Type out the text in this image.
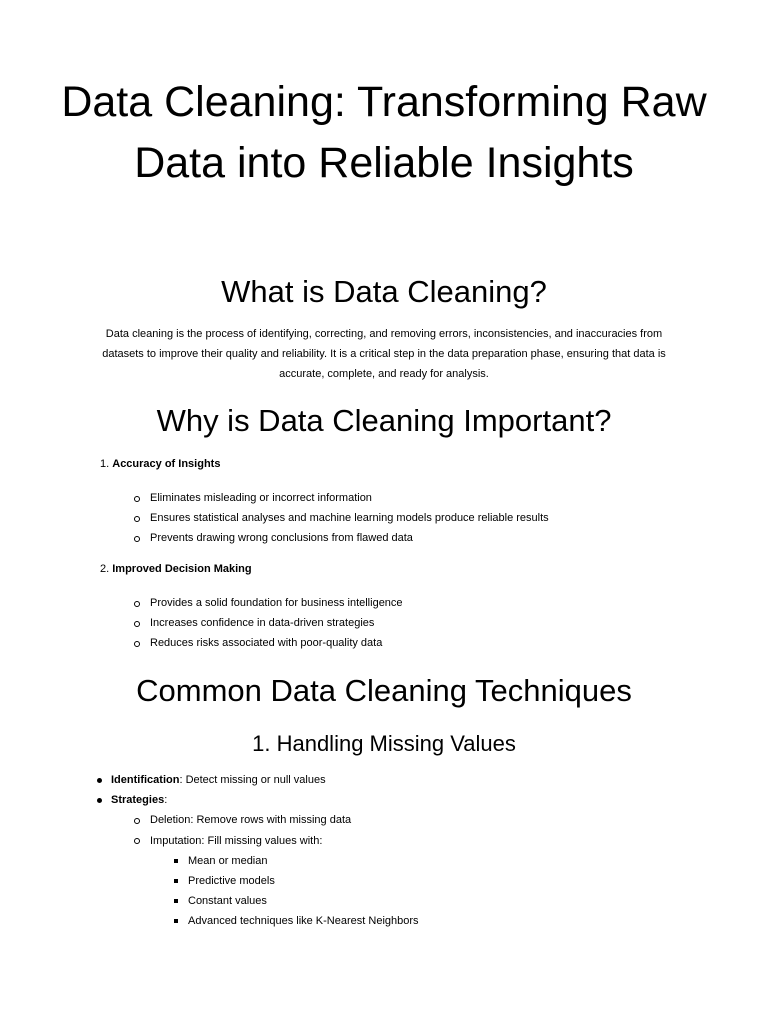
Data Cleaning: Transforming Raw Data into Reliable Insights
What is Data Cleaning?

Data cleaning is the process of identifying, correcting, and removing errors, inconsistencies, and inaccuracies from datasets to improve their quality and reliability. It is a critical step in the data preparation phase, ensuring that data is accurate, complete, and ready for analysis.

Why is Data Cleaning Important?
1. Accuracy of Insights
Eliminates misleading or incorrect information
Ensures statistical analyses and machine learning models produce reliable results
Prevents drawing wrong conclusions from flawed data
2. Improved Decision Making
Provides a solid foundation for business intelligence
Increases confidence in data-driven strategies
Reduces risks associated with poor-quality data
Common Data Cleaning Techniques
1. Handling Missing Values
Identification: Detect missing or null values
Strategies:
Deletion: Remove rows with missing data
Imputation: Fill missing values with:
Mean or median
Predictive models
Constant values
Advanced techniques like K-Nearest Neighbors
